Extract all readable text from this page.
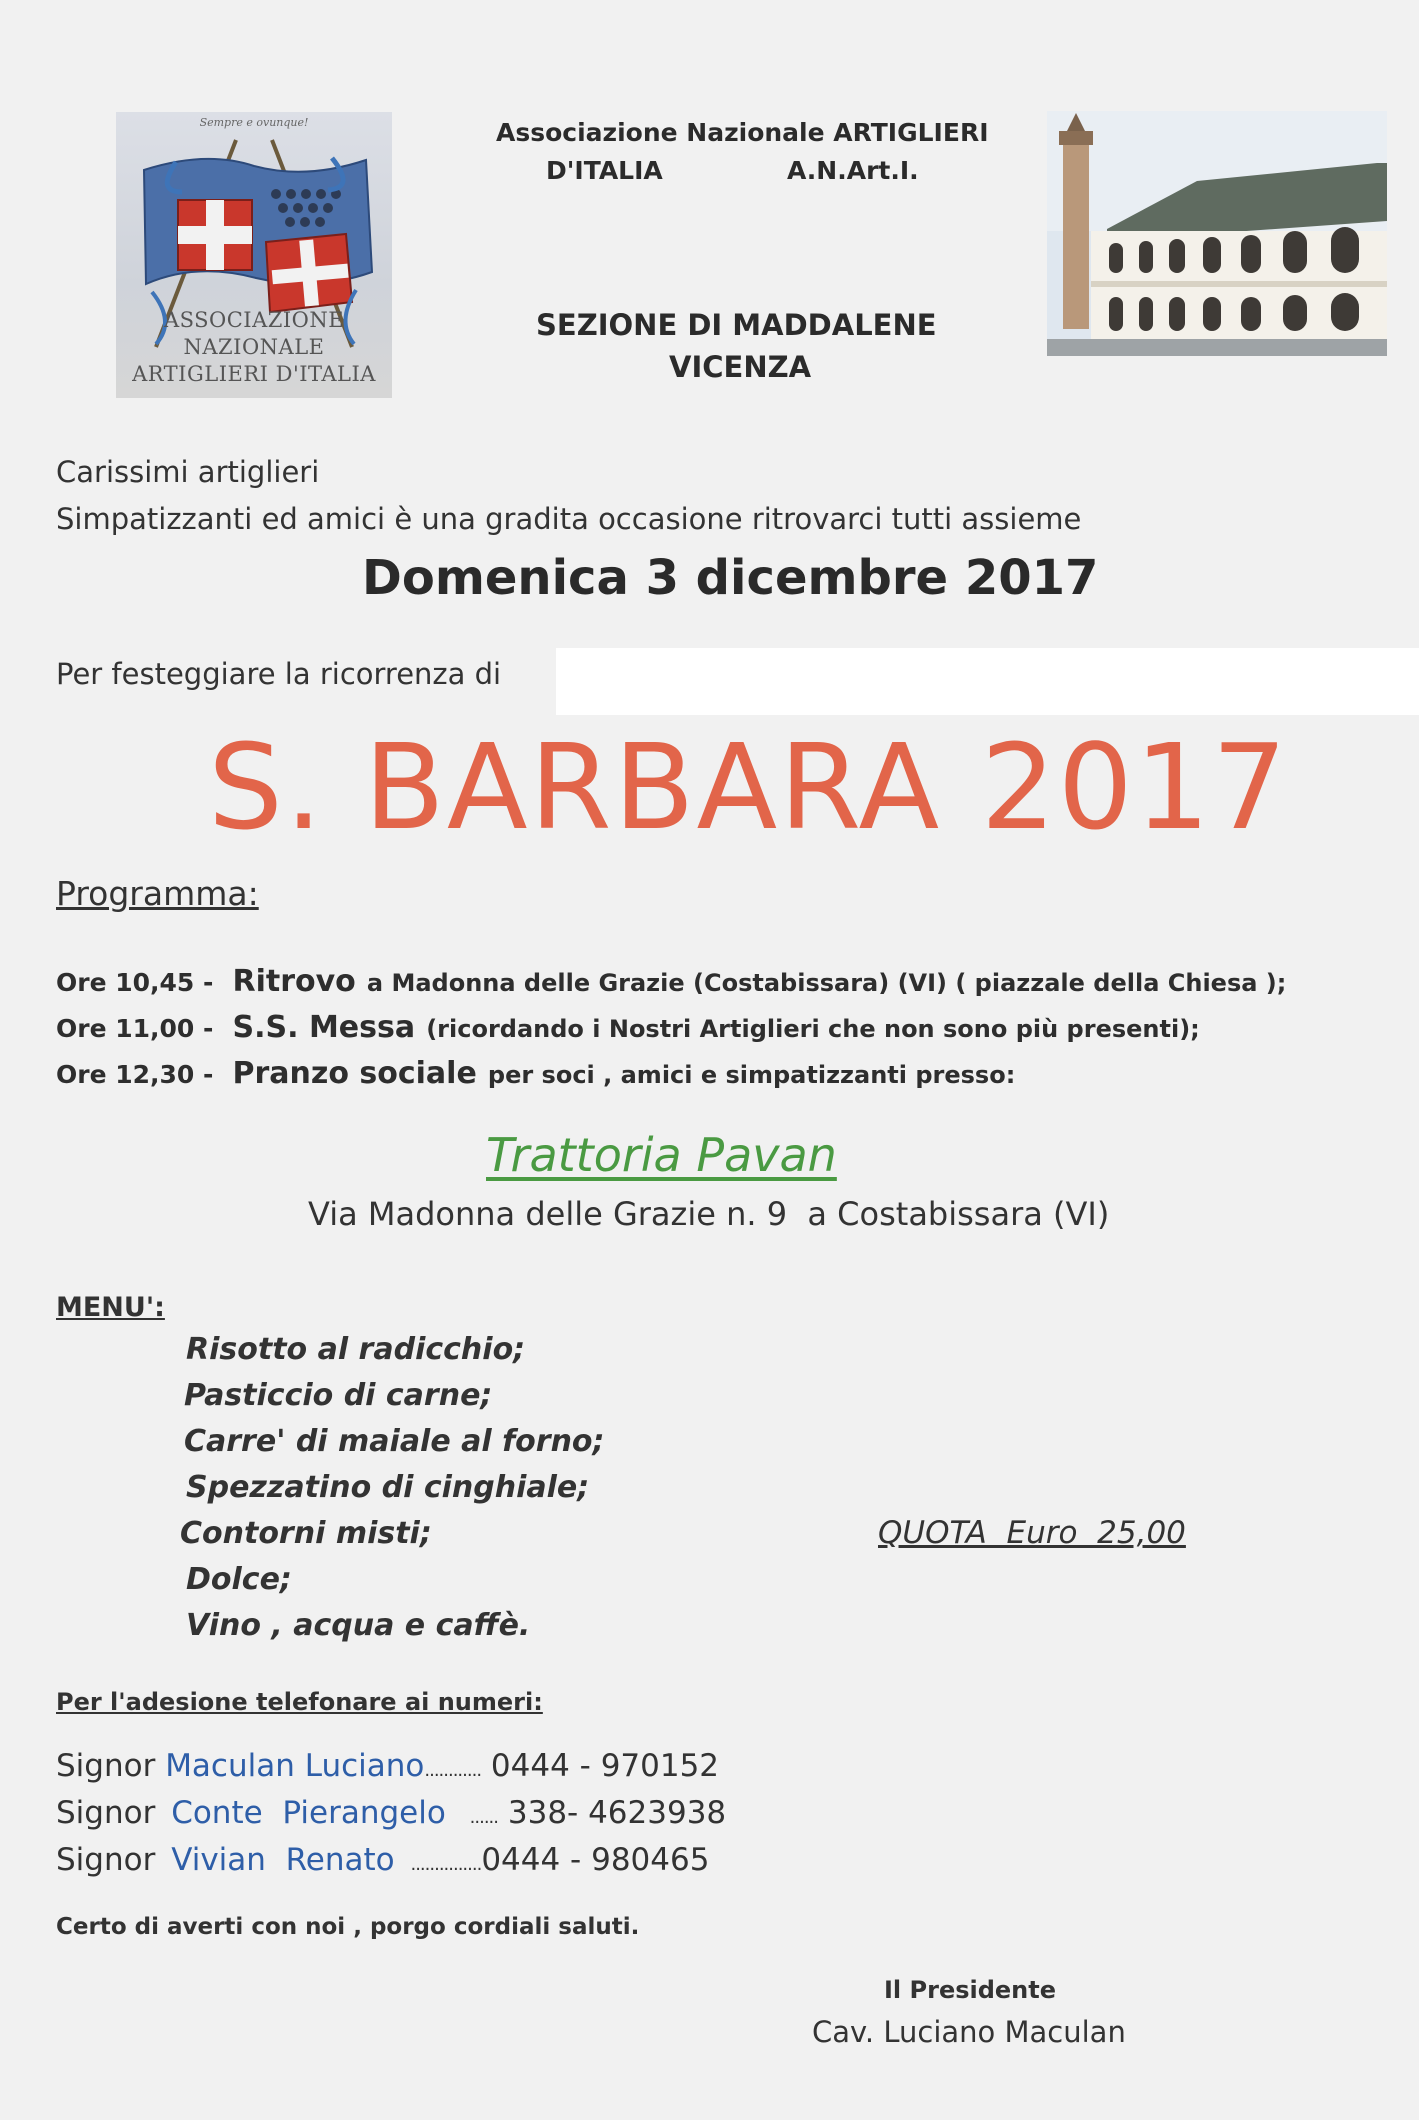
Sempre e ovunque!
ASSOCIAZIONE NAZIONALE
ARTIGLIERI D'ITALIA
Associazione Nazionale ARTIGLIERI
D'ITALIA	A.N.Art.I.
SEZIONE DI MADDALENE
VICENZA
Carissimi artiglieri
Simpatizzanti ed amici è una gradita occasione ritrovarci tutti assieme
Domenica 3 dicembre 2017
Per festeggiare la ricorrenza di
S. BARBARA 2017
Programma:
Ore 10,45 - Ritrovo a Madonna delle Grazie (Costabissara) (VI) ( piazzale della Chiesa );
Ore 11,00 - S.S. Messa (ricordando i Nostri Artiglieri che non sono più presenti);
Ore 12,30 - Pranzo sociale per soci , amici e simpatizzanti presso:
Trattoria Pavan
Via Madonna delle Grazie n. 9  a Costabissara (VI)
MENU':
Risotto al radicchio;
Pasticcio di carne;
Carre' di maiale al forno;
Spezzatino di cinghiale;
Contorni misti;
Dolce;
Vino , acqua e caffè.
QUOTA  Euro  25,00
Per l'adesione telefonare ai numeri:
Signor Maculan Luciano............ 0444 - 970152
Signor Conte  Pierangelo ...... 338- 4623938
Signor Vivian  Renato ...............0444 - 980465
Certo di averti con noi , porgo cordiali saluti.
Il Presidente
Cav. Luciano Maculan
